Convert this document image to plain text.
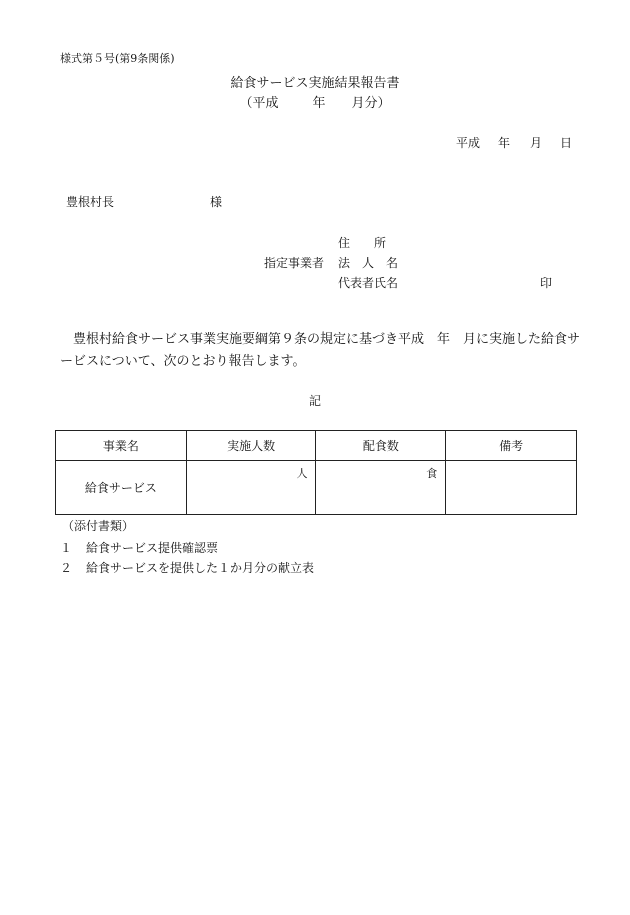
様式第５号(第9条関係)
給食サービス実施結果報告書
（平成	年 月分）
平成 年 月 日
豊根村長	様
住　　所
指定事業者 法　人　名
代表者氏名	印
豊根村給食サービス事業実施要綱第９条の規定に基づき平成　年　月に実施した給食サービスについて、次のとおり報告します。
記
事業名	実施人数	配食数	備考
給食サービス	人	食	

（添付書類）
１ 給食サービス提供確認票
２ 給食サービスを提供した１か月分の献立表
